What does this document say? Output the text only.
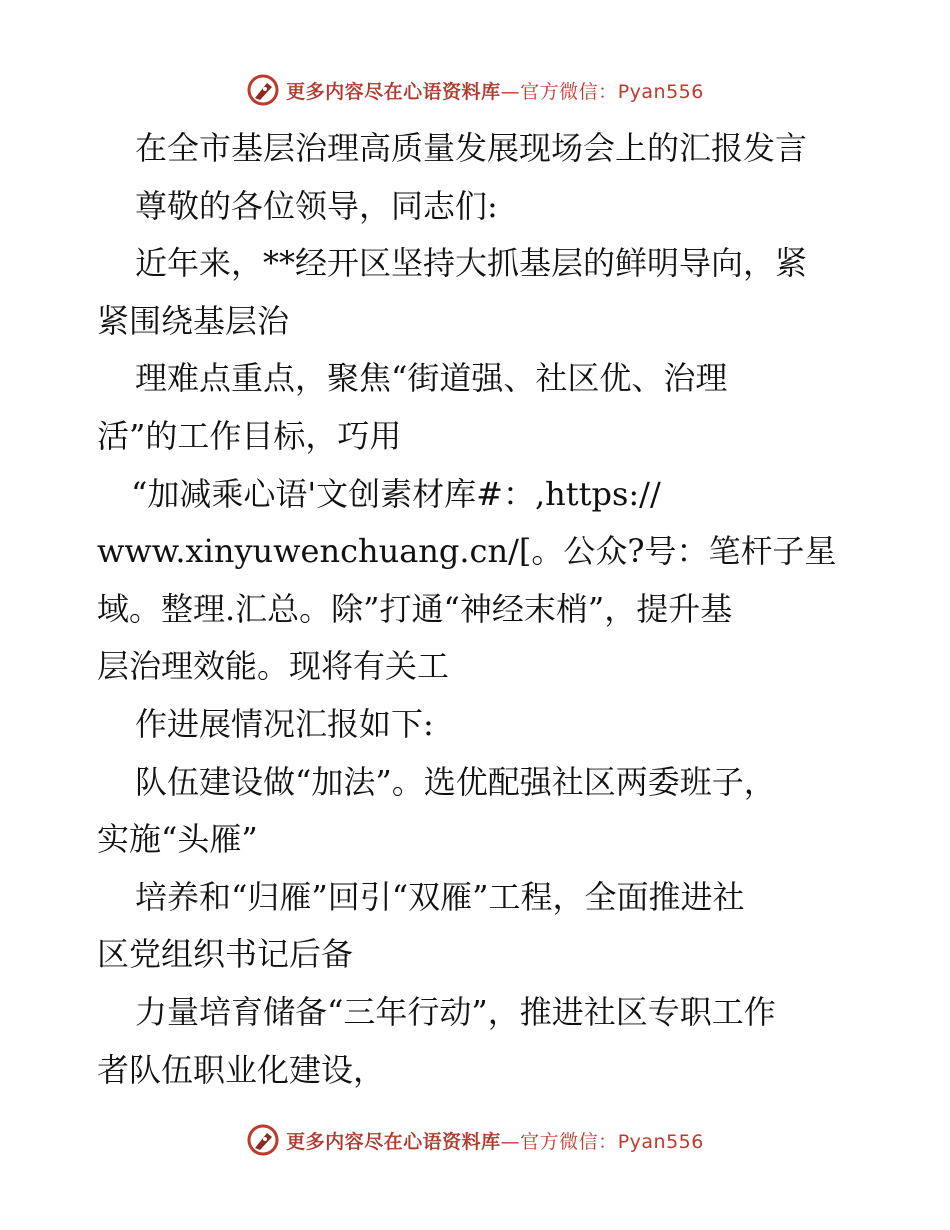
更多内容尽在心语资料库—官方微信：Pyan556
在全市基层治理高质量发展现场会上的汇报发言
尊敬的各位领导，同志们:
近年来，**经开区坚持大抓基层的鲜明导向，紧
紧围绕基层治
理难点重点，聚焦“街道强、社区优、治理
活”的工作目标，巧用
“加减乘心语'文创素材库#：,https://
www.xinyuwenchuang.cn/[。公众?号：笔杆子星
域。整理.汇总。除”打通“神经末梢”，提升基
层治理效能。现将有关工
作进展情况汇报如下:
队伍建设做“加法”。选优配强社区两委班子，
实施“头雁”
培养和“归雁”回引“双雁”工程，全面推进社
区党组织书记后备
力量培育储备“三年行动”，推进社区专职工作
者队伍职业化建设，
更多内容尽在心语资料库—官方微信：Pyan556
